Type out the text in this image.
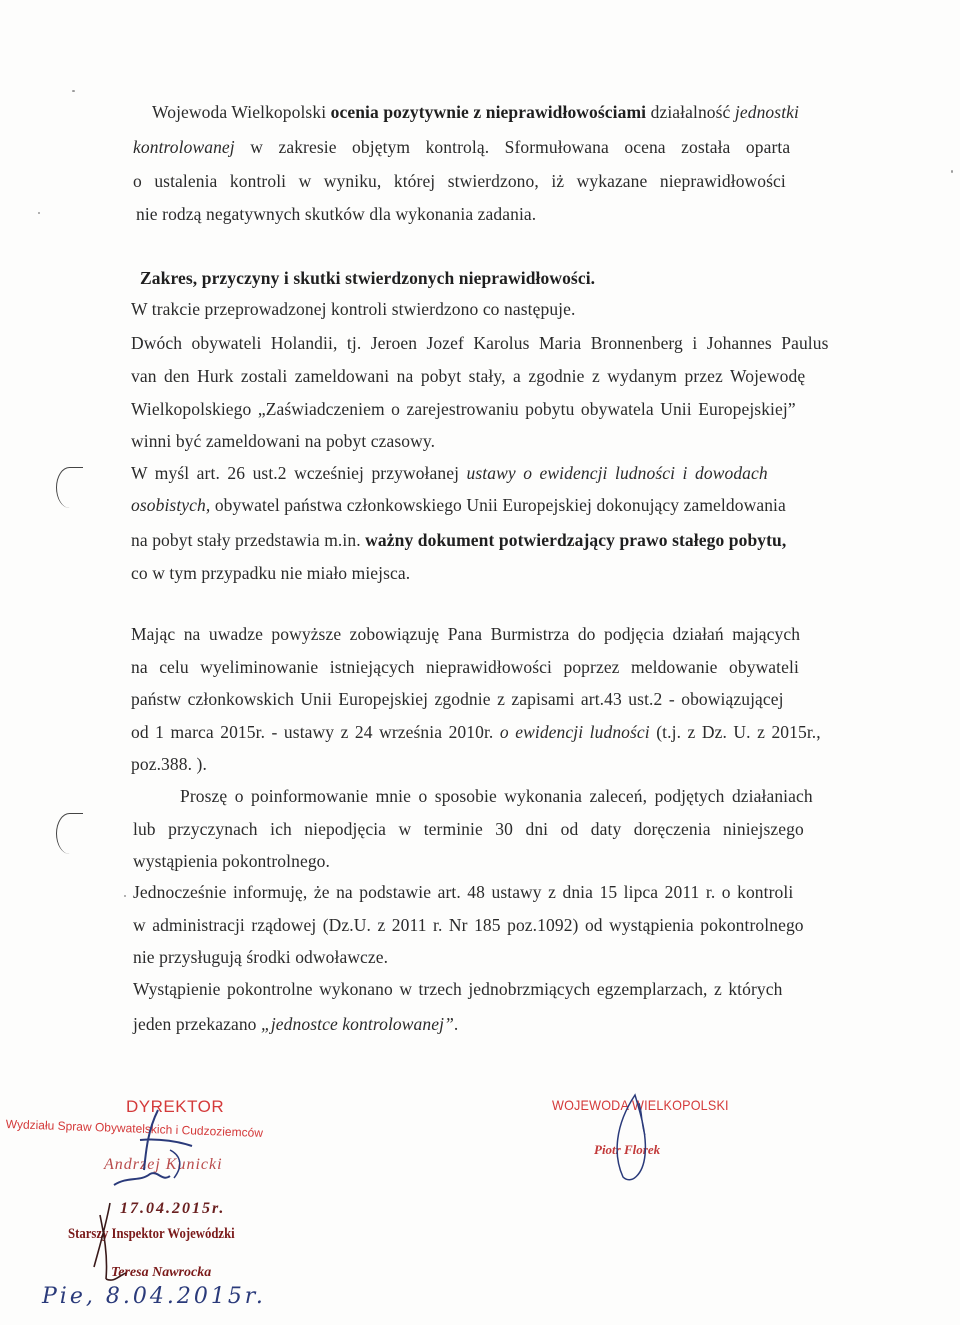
Wojewoda Wielkopolski ocenia pozytywnie z nieprawidłowościami działalność jednostki
kontrolowanej w zakresie objętym kontrolą. Sformułowana ocena została oparta
o ustalenia kontroli w wyniku, której stwierdzono, iż wykazane nieprawidłowości
nie rodzą negatywnych skutków dla wykonania zadania.
Zakres, przyczyny i skutki stwierdzonych nieprawidłowości.
W trakcie przeprowadzonej kontroli stwierdzono co następuje.
Dwóch obywateli Holandii, tj. Jeroen Jozef Karolus Maria Bronnenberg i Johannes Paulus
van den Hurk zostali zameldowani na pobyt stały, a zgodnie z wydanym przez Wojewodę
Wielkopolskiego „Zaświadczeniem o zarejestrowaniu pobytu obywatela Unii Europejskiej”
winni być zameldowani na pobyt czasowy.
W myśl art. 26 ust.2 wcześniej przywołanej ustawy o ewidencji ludności i dowodach
osobistych, obywatel państwa członkowskiego Unii Europejskiej dokonujący zameldowania
na pobyt stały przedstawia m.in. ważny dokument potwierdzający prawo stałego pobytu,
co w tym przypadku nie miało miejsca.
Mając na uwadze powyższe zobowiązuję Pana Burmistrza do podjęcia działań mających
na celu wyeliminowanie istniejących nieprawidłowości poprzez meldowanie obywateli
państw członkowskich Unii Europejskiej zgodnie z zapisami art.43 ust.2 - obowiązującej
od 1 marca 2015r. - ustawy z 24 września 2010r. o ewidencji ludności (t.j. z Dz. U. z 2015r.,
poz.388. ).
Proszę o poinformowanie mnie o sposobie wykonania zaleceń, podjętych działaniach
lub przyczynach ich niepodjęcia w terminie 30 dni od daty doręczenia niniejszego
wystąpienia pokontrolnego.
Jednocześnie informuję, że na podstawie art. 48 ustawy z dnia 15 lipca 2011 r. o kontroli
w administracji rządowej (Dz.U. z 2011 r. Nr 185 poz.1092) od wystąpienia pokontrolnego
nie przysługują środki odwoławcze.
Wystąpienie pokontrolne wykonano w trzech jednobrzmiących egzemplarzach, z których
jeden przekazano „jednostce kontrolowanej”.
DYREKTOR
Wydziału Spraw Obywatelskich i Cudzoziemców
Andrzej Kunicki
17.04.2015r.
Starszy Inspektor Wojewódzki
Teresa Nawrocka
Pie, 8.04.2015r.
WOJEWODA WIELKOPOLSKI
Piotr Florek
